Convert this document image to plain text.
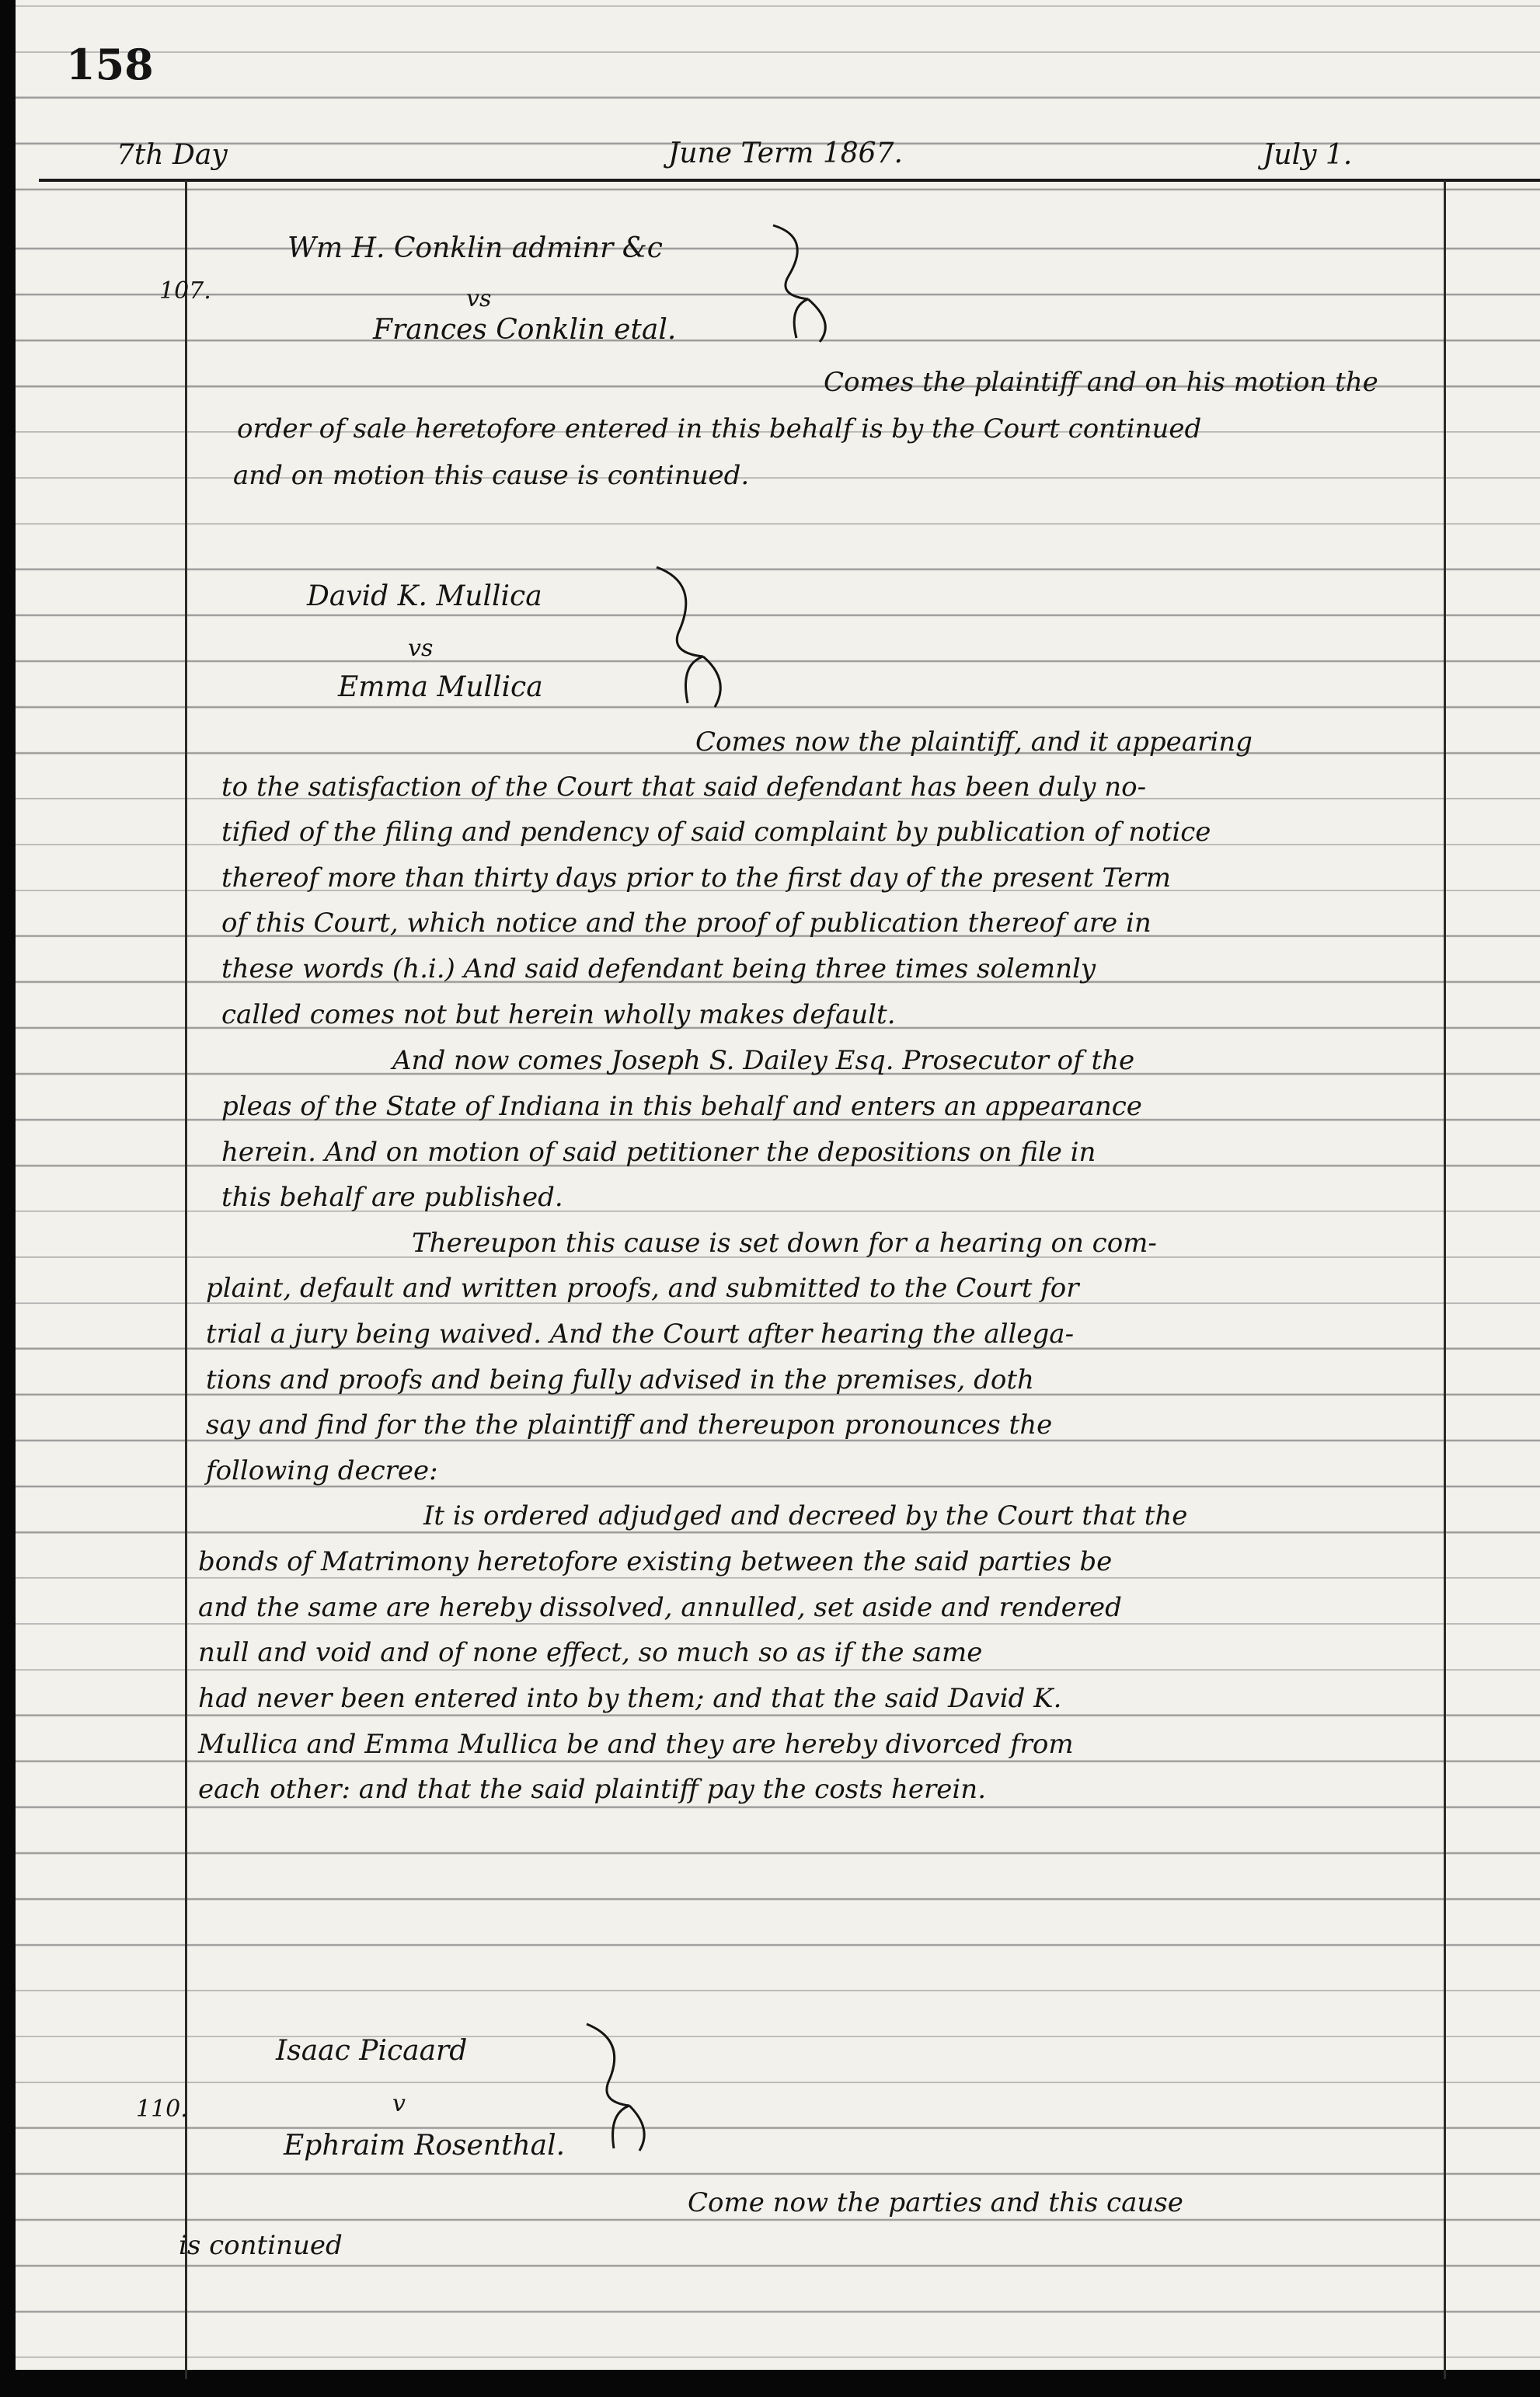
158

7th Day	June Term 1867.	July 1.

107.

Wm H. Conklin adminr &c

vs

Frances Conklin etal.

Comes the plaintiff and on his motion the

order of sale heretofore entered in this behalf is by the Court continued

and on motion this cause is continued.

David K. Mullica

vs

Emma Mullica

Comes now the plaintiff, and it appearing

to the satisfaction of the Court that said defendant has been duly no-

tified of the filing and pendency of said complaint by publication of notice

thereof more than thirty days prior to the first day of the present Term

of this Court, which notice and the proof of publication thereof are in

these words (h.i.) And said defendant being three times solemnly

called comes not but herein wholly makes default.

And now comes Joseph S. Dailey Esq. Prosecutor of the

pleas of the State of Indiana in this behalf and enters an appearance

herein. And on motion of said petitioner the depositions on file in

this behalf are published.

Thereupon this cause is set down for a hearing on com-

plaint, default and written proofs, and submitted to the Court for

trial a jury being waived. And the Court after hearing the allega-

tions and proofs and being fully advised in the premises, doth

say and find for the the plaintiff and thereupon pronounces the

following decree:

It is ordered adjudged and decreed by the Court that the

bonds of Matrimony heretofore existing between the said parties be

and the same are hereby dissolved, annulled, set aside and rendered

null and void and of none effect, so much so as if the same

had never been entered into by them; and that the said David K.

Mullica and Emma Mullica be and they are hereby divorced from

each other: and that the said plaintiff pay the costs herein.

110.

Isaac Picaard

v

Ephraim Rosenthal.

Come now the parties and this cause

is continued
